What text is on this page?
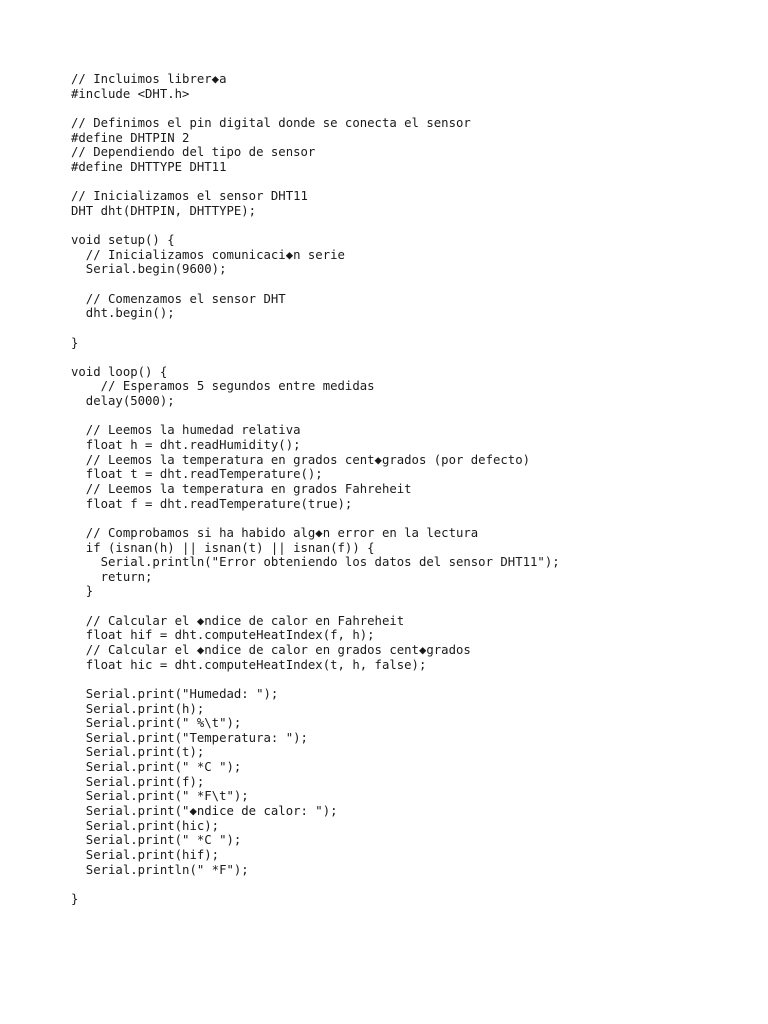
// Incluimos librer◆a
#include <DHT.h>
// Definimos el pin digital donde se conecta el sensor
#define DHTPIN 2
// Dependiendo del tipo de sensor
#define DHTTYPE DHT11
// Inicializamos el sensor DHT11
DHT dht(DHTPIN, DHTTYPE);
void setup() {
// Inicializamos comunicaci◆n serie
Serial.begin(9600);
// Comenzamos el sensor DHT
dht.begin();
}
void loop() {
// Esperamos 5 segundos entre medidas
delay(5000);
// Leemos la humedad relativa
float h = dht.readHumidity();
// Leemos la temperatura en grados cent◆grados (por defecto)
float t = dht.readTemperature();
// Leemos la temperatura en grados Fahreheit
float f = dht.readTemperature(true);
// Comprobamos si ha habido alg◆n error en la lectura
if (isnan(h) || isnan(t) || isnan(f)) {
Serial.println("Error obteniendo los datos del sensor DHT11");
return;
}
// Calcular el ◆ndice de calor en Fahreheit
float hif = dht.computeHeatIndex(f, h);
// Calcular el ◆ndice de calor en grados cent◆grados
float hic = dht.computeHeatIndex(t, h, false);
Serial.print("Humedad: ");
Serial.print(h);
Serial.print(" %\t");
Serial.print("Temperatura: ");
Serial.print(t);
Serial.print(" *C ");
Serial.print(f);
Serial.print(" *F\t");
Serial.print("◆ndice de calor: ");
Serial.print(hic);
Serial.print(" *C ");
Serial.print(hif);
Serial.println(" *F");
}
